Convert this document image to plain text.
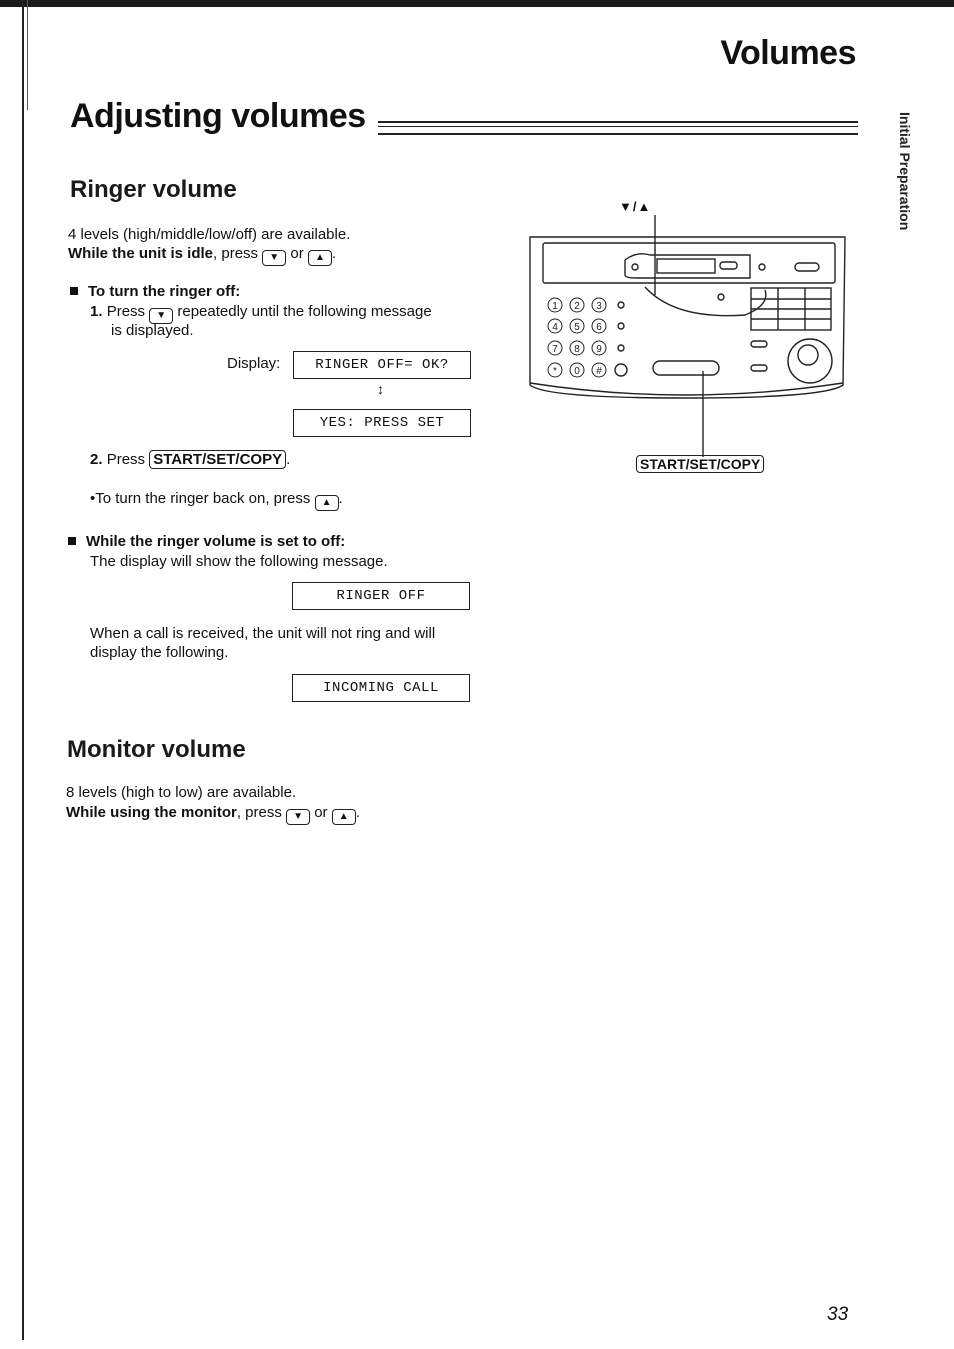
Volumes
Adjusting volumes	Initial Preparation
Ringer volume
4 levels (high/middle/low/off) are available.
While the unit is idle, press ▼ or ▲ .
To turn the ringer off:
1. Press ▼ repeatedly until the following message
is displayed.
Display:	RINGER OFF= OK?
↕
YES: PRESS SET
2. Press START/SET/COPY .
•To turn the ringer back on, press ▲ .
While the ringer volume is set to off:
The display will show the following message.
RINGER OFF
When a call is received, the unit will not ring and will
display the following.
INCOMING CALL
Monitor volume
8 levels (high to low) are available.
While using the monitor, press ▼ or ▲ .
▼/▲
1 2 3
4 5 6
7 8 9
* 0 #
START/SET/COPY
33
